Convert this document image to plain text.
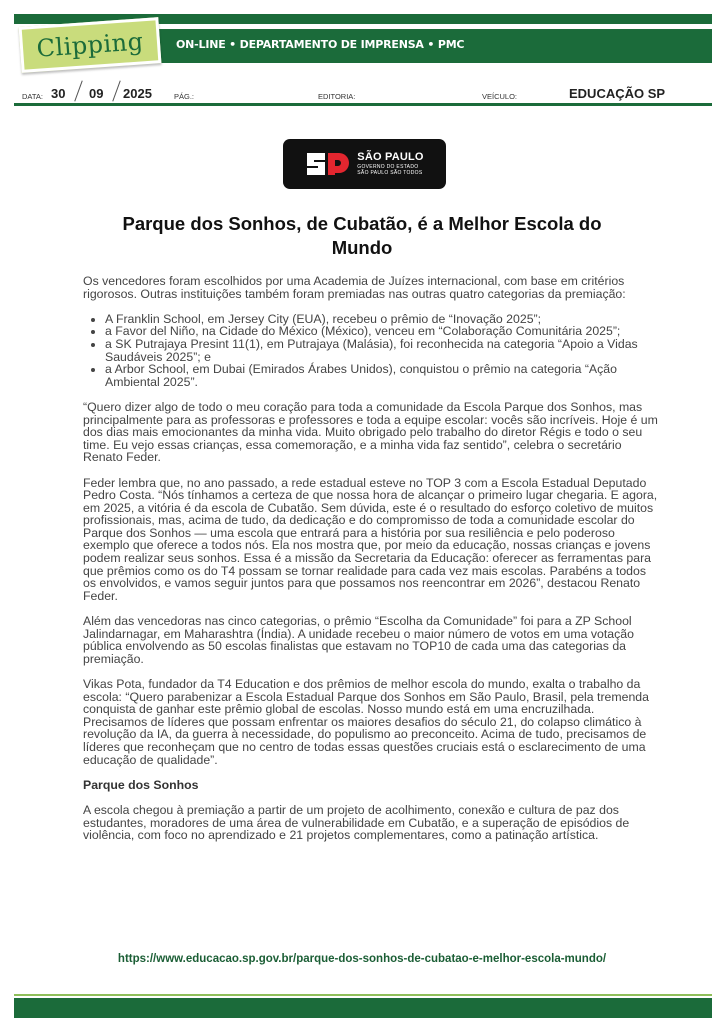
ON-LINE • DEPARTAMENTO DE IMPRENSA • PMC
Clipping
DATA: 30 09 2025	PÁG.:	EDITORIA:	VEÍCULO:	EDUCAÇÃO SP
SÃO PAULO
GOVERNO DO ESTADO
SÃO PAULO SÃO TODOS
Parque dos Sonhos, de Cubatão, é a Melhor Escola do Mundo

Os vencedores foram escolhidos por uma Academia de Juízes internacional, com base em critérios rigorosos. Outras instituições também foram premiadas nas outras quatro categorias da premiação:

• A Franklin School, em Jersey City (EUA), recebeu o prêmio de “Inovação 2025”;
• a Favor del Niño, na Cidade do México (México), venceu em “Colaboração Comunitária 2025”;
• a SK Putrajaya Presint 11(1), em Putrajaya (Malásia), foi reconhecida na categoria “Apoio a Vidas Saudáveis 2025”; e
• a Arbor School, em Dubai (Emirados Árabes Unidos), conquistou o prêmio na categoria “Ação Ambiental 2025”.

“Quero dizer algo de todo o meu coração para toda a comunidade da Escola Parque dos Sonhos, mas principalmente para as professoras e professores e toda a equipe escolar: vocês são incríveis. Hoje é um dos dias mais emocionantes da minha vida. Muito obrigado pelo trabalho do diretor Régis e todo o seu time. Eu vejo essas crianças, essa comemoração, e a minha vida faz sentido”, celebra o secretário Renato Feder.

Feder lembra que, no ano passado, a rede estadual esteve no TOP 3 com a Escola Estadual Deputado Pedro Costa. “Nós tínhamos a certeza de que nossa hora de alcançar o primeiro lugar chegaria. E agora, em 2025, a vitória é da escola de Cubatão. Sem dúvida, este é o resultado do esforço coletivo de muitos profissionais, mas, acima de tudo, da dedicação e do compromisso de toda a comunidade escolar do Parque dos Sonhos — uma escola que entrará para a história por sua resiliência e pelo poderoso exemplo que oferece a todos nós. Ela nos mostra que, por meio da educação, nossas crianças e jovens podem realizar seus sonhos. Essa é a missão da Secretaria da Educação: oferecer as ferramentas para que prêmios como os do T4 possam se tornar realidade para cada vez mais escolas. Parabéns a todos os envolvidos, e vamos seguir juntos para que possamos nos reencontrar em 2026”, destacou Renato Feder.

Além das vencedoras nas cinco categorias, o prêmio “Escolha da Comunidade” foi para a ZP School Jalindarnagar, em Maharashtra (Índia). A unidade recebeu o maior número de votos em uma votação pública envolvendo as 50 escolas finalistas que estavam no TOP10 de cada uma das categorias da premiação.

Vikas Pota, fundador da T4 Education e dos prêmios de melhor escola do mundo, exalta o trabalho da escola: “Quero parabenizar a Escola Estadual Parque dos Sonhos em São Paulo, Brasil, pela tremenda conquista de ganhar este prêmio global de escolas. Nosso mundo está em uma encruzilhada. Precisamos de líderes que possam enfrentar os maiores desafios do século 21, do colapso climático à revolução da IA, da guerra à necessidade, do populismo ao preconceito. Acima de tudo, precisamos de líderes que reconheçam que no centro de todas essas questões cruciais está o esclarecimento de uma educação de qualidade”.

Parque dos Sonhos

A escola chegou à premiação a partir de um projeto de acolhimento, conexão e cultura de paz dos estudantes, moradores de uma área de vulnerabilidade em Cubatão, e a superação de episódios de violência, com foco no aprendizado e 21 projetos complementares, como a patinação artística.

https://www.educacao.sp.gov.br/parque-dos-sonhos-de-cubatao-e-melhor-escola-mundo/
